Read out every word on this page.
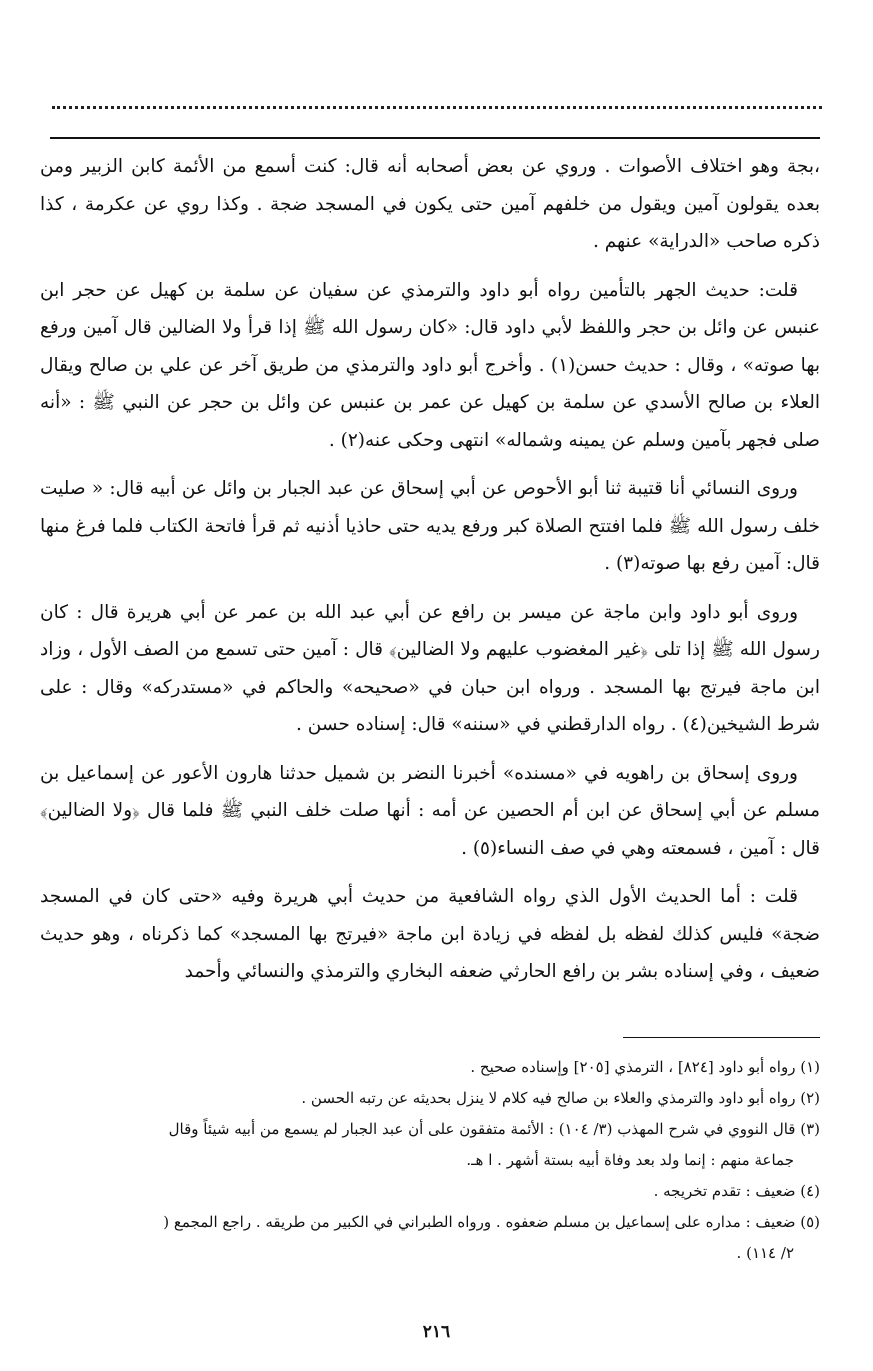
،بجة وهو اختلاف الأصوات . وروي عن بعض أصحابه أنه قال: كنت أسمع من الأئمة كابن الزبير ومن بعده يقولون آمين ويقول من خلفهم آمين حتى يكون في المسجد ضجة . وكذا روي عن عكرمة ، كذا ذكره صاحب «الدراية» عنهم .

قلت: حديث الجهر بالتأمين رواه أبو داود والترمذي عن سفيان عن سلمة بن كهيل عن حجر ابن عنبس عن وائل بن حجر واللفظ لأبي داود قال: «كان رسول الله ﷺ إذا قرأ ولا الضالين قال آمين ورفع بها صوته» ، وقال : حديث حسن(١) . وأخرج أبو داود والترمذي من طريق آخر عن علي بن صالح ويقال العلاء بن صالح الأسدي عن سلمة بن كهيل عن عمر بن عنبس عن وائل بن حجر عن النبي ﷺ : «أنه صلى فجهر بآمين وسلم عن يمينه وشماله» انتهى وحكى عنه(٢) .

وروى النسائي أنا قتيبة ثنا أبو الأحوص عن أبي إسحاق عن عبد الجبار بن وائل عن أبيه قال: « صليت خلف رسول الله ﷺ فلما افتتح الصلاة كبر ورفع يديه حتى حاذيا أذنيه ثم قرأ فاتحة الكتاب فلما فرغ منها قال: آمين رفع بها صوته(٣) .

وروى أبو داود وابن ماجة عن ميسر بن رافع عن أبي عبد الله بن عمر عن أبي هريرة قال : كان رسول الله ﷺ إذا تلى ﴿غير المغضوب عليهم ولا الضالين﴾ قال : آمين حتى تسمع من الصف الأول ، وزاد ابن ماجة فيرتج بها المسجد . ورواه ابن حبان في «صحيحه» والحاكم في «مستدركه» وقال : على شرط الشيخين(٤) . رواه الدارقطني في «سننه» قال: إسناده حسن .

وروى إسحاق بن راهويه في «مسنده» أخبرنا النضر بن شميل حدثنا هارون الأعور عن إسماعيل بن مسلم عن أبي إسحاق عن ابن أم الحصين عن أمه : أنها صلت خلف النبي ﷺ فلما قال ﴿ولا الضالين﴾ قال : آمين ، فسمعته وهي في صف النساء(٥) .

قلت : أما الحديث الأول الذي رواه الشافعية من حديث أبي هريرة وفيه «حتى كان في المسجد ضجة» فليس كذلك لفظه بل لفظه في زيادة ابن ماجة «فيرتج بها المسجد» كما ذكرناه ، وهو حديث ضعيف ، وفي إسناده بشر بن رافع الحارثي ضعفه البخاري والترمذي والنسائي وأحمد

(١) رواه أبو داود [٨٢٤] ، الترمذي [٢٠٥] وإسناده صحيح .

(٢) رواه أبو داود والترمذي والعلاء بن صالح فيه كلام لا ينزل بحديثه عن رتبه الحسن .

(٣) قال النووي في شرح المهذب (٣/ ١٠٤) : الأئمة متفقون على أن عبد الجبار لم يسمع من أبيه شيئاً وقال

جماعة منهم : إنما ولد بعد وفاة أبيه بستة أشهر . ا هـ.

(٤) ضعيف : تقدم تخريجه .

(٥) ضعيف : مداره على إسماعيل بن مسلم ضعفوه . ورواه الطبراني في الكبير من طريقه . راجع المجمع (

٢/ ١١٤) .

٢١٦
